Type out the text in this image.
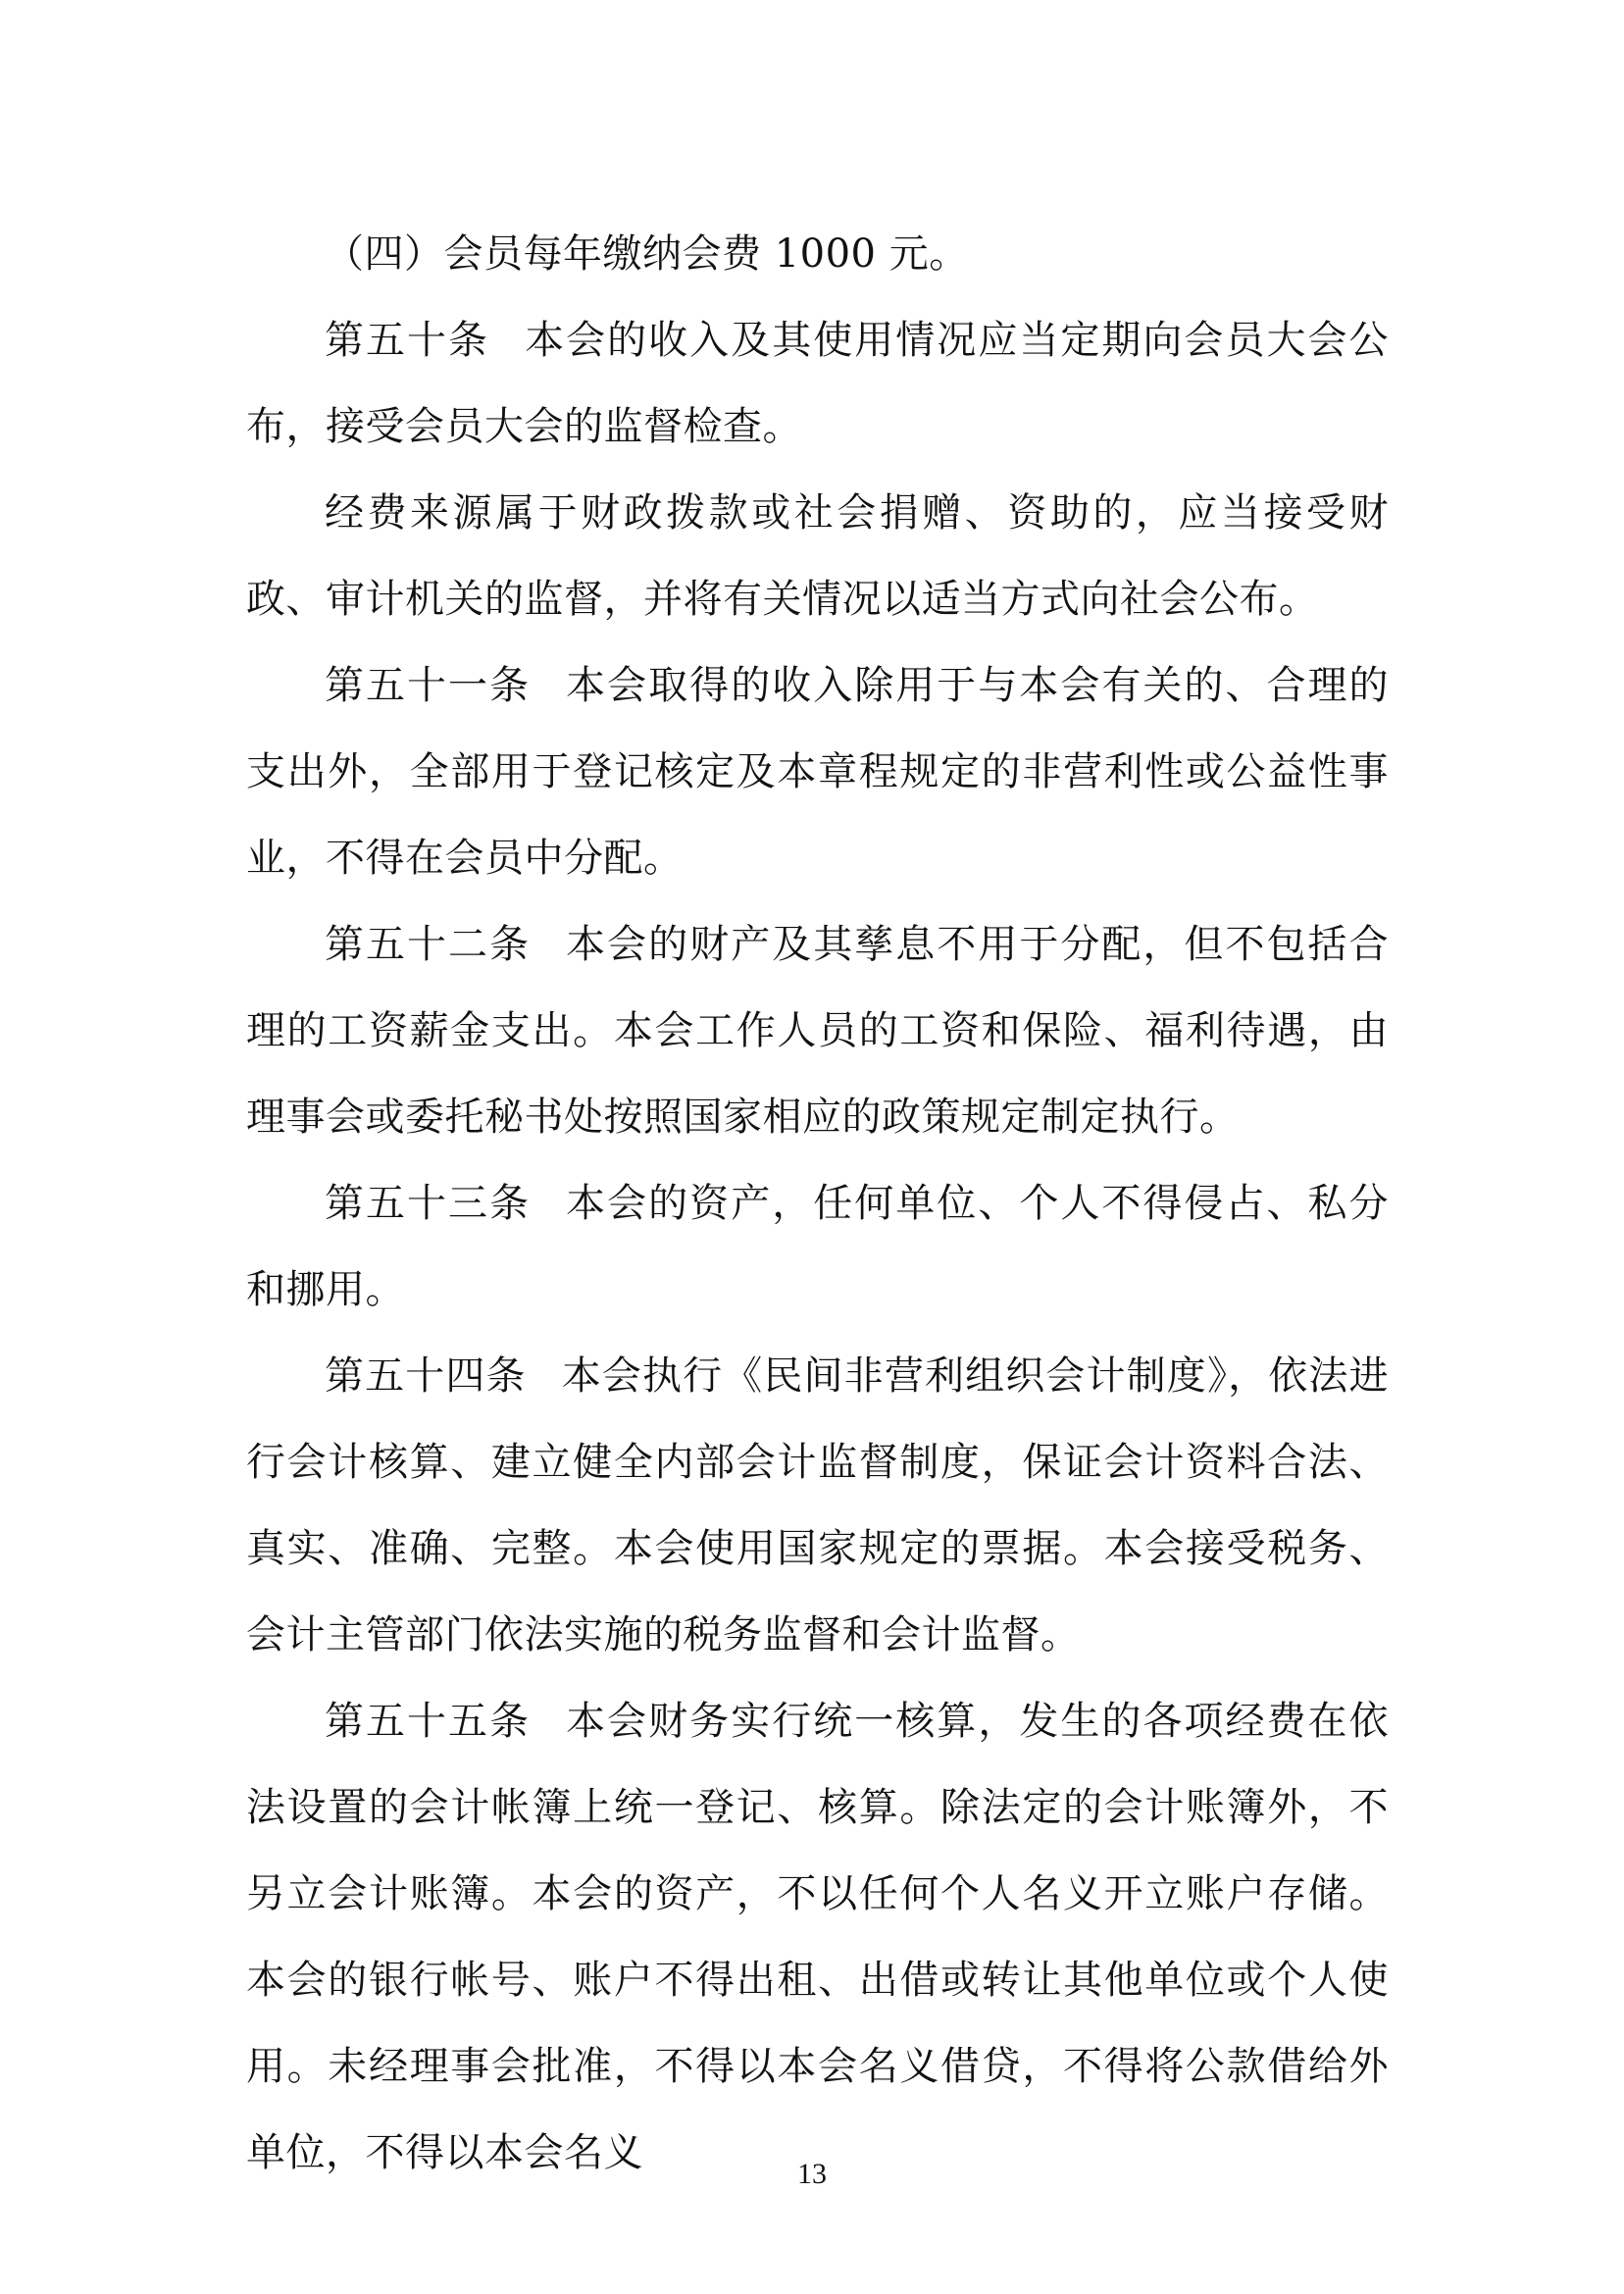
（四）会员每年缴纳会费 1000 元。

第五十条 本会的收入及其使用情况应当定期向会员大会公布，接受会员大会的监督检查。

经费来源属于财政拨款或社会捐赠、资助的，应当接受财政、审计机关的监督，并将有关情况以适当方式向社会公布。

第五十一条 本会取得的收入除用于与本会有关的、合理的支出外，全部用于登记核定及本章程规定的非营利性或公益性事业，不得在会员中分配。

第五十二条 本会的财产及其孳息不用于分配，但不包括合理的工资薪金支出。本会工作人员的工资和保险、福利待遇，由理事会或委托秘书处按照国家相应的政策规定制定执行。

第五十三条 本会的资产，任何单位、个人不得侵占、私分和挪用。

第五十四条 本会执行《民间非营利组织会计制度》，依法进行会计核算、建立健全内部会计监督制度，保证会计资料合法、真实、准确、完整。本会使用国家规定的票据。本会接受税务、会计主管部门依法实施的税务监督和会计监督。

第五十五条 本会财务实行统一核算，发生的各项经费在依法设置的会计帐簿上统一登记、核算。除法定的会计账簿外，不另立会计账簿。本会的资产，不以任何个人名义开立账户存储。本会的银行帐号、账户不得出租、出借或转让其他单位或个人使用。未经理事会批准，不得以本会名义借贷，不得将公款借给外单位，不得以本会名义	13
